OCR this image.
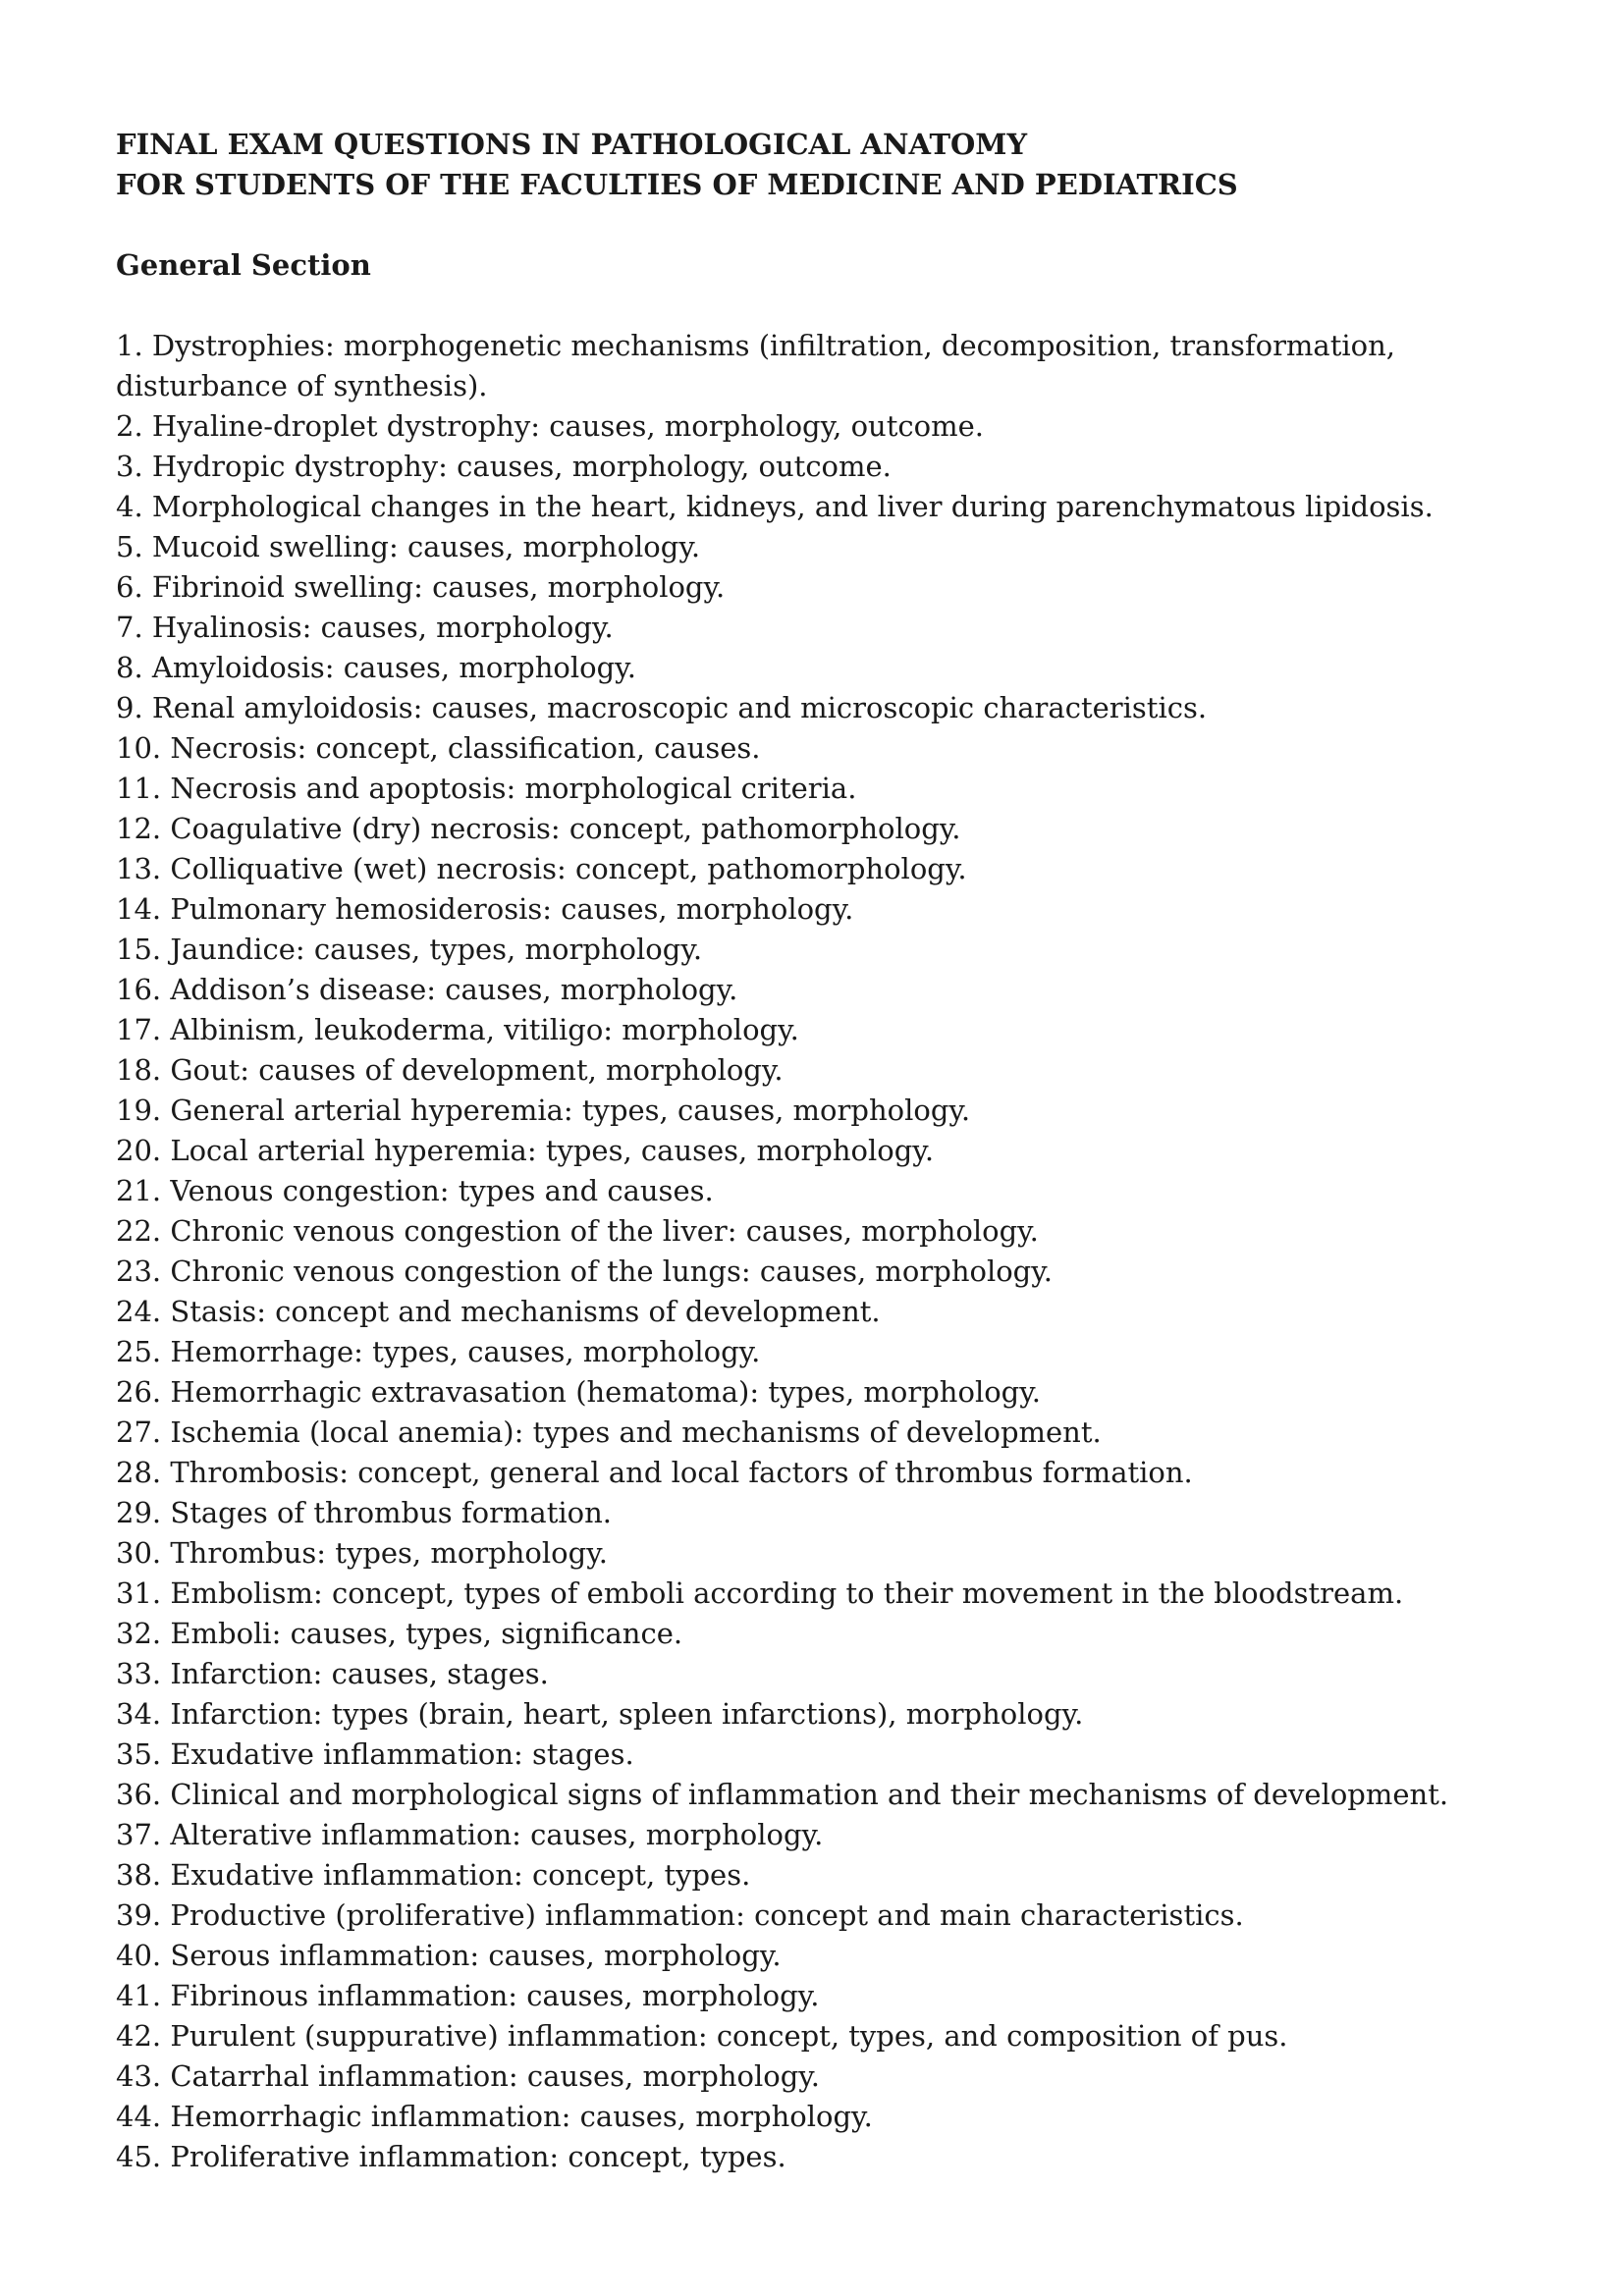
FINAL EXAM QUESTIONS IN PATHOLOGICAL ANATOMY

FOR STUDENTS OF THE FACULTIES OF MEDICINE AND PEDIATRICS

General Section

1. Dystrophies: morphogenetic mechanisms (infiltration, decomposition, transformation, disturbance of synthesis).
2. Hyaline-droplet dystrophy: causes, morphology, outcome.
3. Hydropic dystrophy: causes, morphology, outcome.
4. Morphological changes in the heart, kidneys, and liver during parenchymatous lipidosis.
5. Mucoid swelling: causes, morphology.
6. Fibrinoid swelling: causes, morphology.
7. Hyalinosis: causes, morphology.
8. Amyloidosis: causes, morphology.
9. Renal amyloidosis: causes, macroscopic and microscopic characteristics.
10. Necrosis: concept, classification, causes.
11. Necrosis and apoptosis: morphological criteria.
12. Coagulative (dry) necrosis: concept, pathomorphology.
13. Colliquative (wet) necrosis: concept, pathomorphology.
14. Pulmonary hemosiderosis: causes, morphology.
15. Jaundice: causes, types, morphology.
16. Addison’s disease: causes, morphology.
17. Albinism, leukoderma, vitiligo: morphology.
18. Gout: causes of development, morphology.
19. General arterial hyperemia: types, causes, morphology.
20. Local arterial hyperemia: types, causes, morphology.
21. Venous congestion: types and causes.
22. Chronic venous congestion of the liver: causes, morphology.
23. Chronic venous congestion of the lungs: causes, morphology.
24. Stasis: concept and mechanisms of development.
25. Hemorrhage: types, causes, morphology.
26. Hemorrhagic extravasation (hematoma): types, morphology.
27. Ischemia (local anemia): types and mechanisms of development.
28. Thrombosis: concept, general and local factors of thrombus formation.
29. Stages of thrombus formation.
30. Thrombus: types, morphology.
31. Embolism: concept, types of emboli according to their movement in the bloodstream.
32. Emboli: causes, types, significance.
33. Infarction: causes, stages.
34. Infarction: types (brain, heart, spleen infarctions), morphology.
35. Exudative inflammation: stages.
36. Clinical and morphological signs of inflammation and their mechanisms of development.
37. Alterative inflammation: causes, morphology.
38. Exudative inflammation: concept, types.
39. Productive (proliferative) inflammation: concept and main characteristics.
40. Serous inflammation: causes, morphology.
41. Fibrinous inflammation: causes, morphology.
42. Purulent (suppurative) inflammation: concept, types, and composition of pus.
43. Catarrhal inflammation: causes, morphology.
44. Hemorrhagic inflammation: causes, morphology.
45. Proliferative inflammation: concept, types.
